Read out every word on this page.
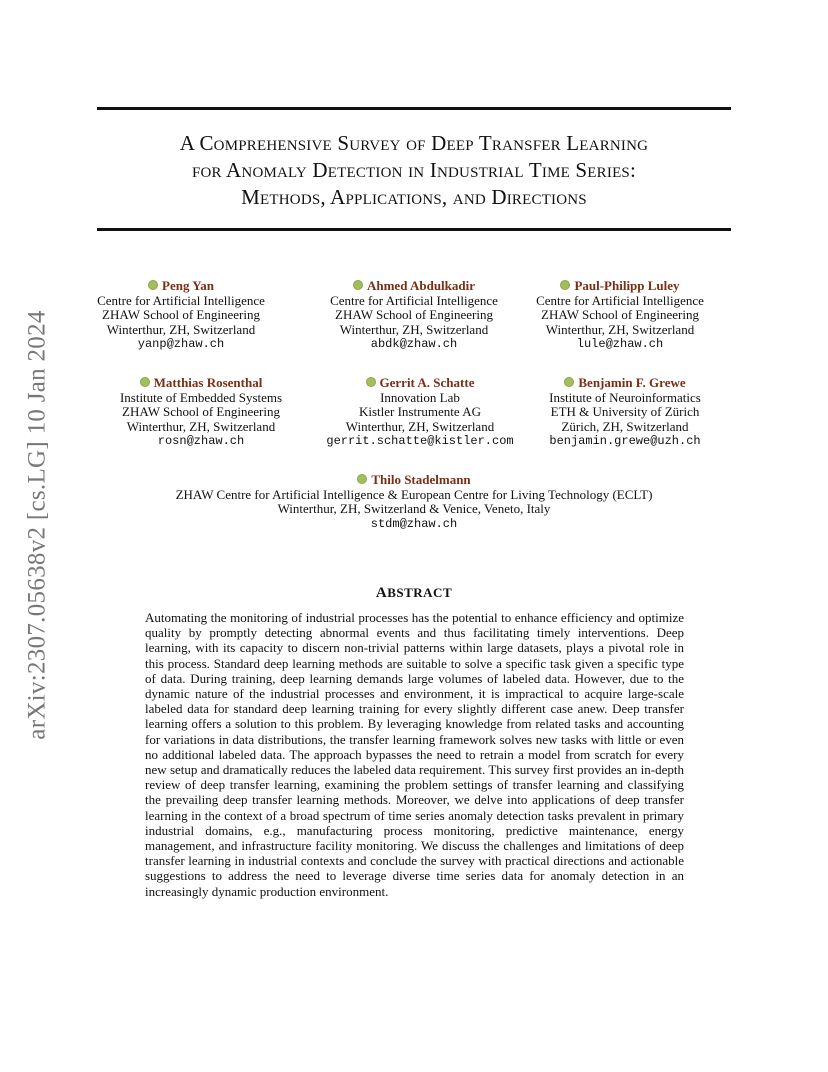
arXiv:2307.05638v2 [cs.LG] 10 Jan 2024
A Comprehensive Survey of Deep Transfer Learning
for Anomaly Detection in Industrial Time Series:
Methods, Applications, and Directions
Peng Yan
Centre for Artificial Intelligence
ZHAW School of Engineering
Winterthur, ZH, Switzerland
yanp@zhaw.ch
Ahmed Abdulkadir
Centre for Artificial Intelligence
ZHAW School of Engineering
Winterthur, ZH, Switzerland
abdk@zhaw.ch
Paul-Philipp Luley
Centre for Artificial Intelligence
ZHAW School of Engineering
Winterthur, ZH, Switzerland
lule@zhaw.ch
Matthias Rosenthal
Institute of Embedded Systems
ZHAW School of Engineering
Winterthur, ZH, Switzerland
rosn@zhaw.ch
Gerrit A. Schatte
Innovation Lab
Kistler Instrumente AG
Winterthur, ZH, Switzerland
gerrit.schatte@kistler.com
Benjamin F. Grewe
Institute of Neuroinformatics
ETH & University of Zürich
Zürich, ZH, Switzerland
benjamin.grewe@uzh.ch
Thilo Stadelmann
ZHAW Centre for Artificial Intelligence & European Centre for Living Technology (ECLT)
Winterthur, ZH, Switzerland & Venice, Veneto, Italy
stdm@zhaw.ch
ABSTRACT
Automating the monitoring of industrial processes has the potential to enhance efficiency and optimize quality by promptly detecting abnormal events and thus facilitating timely interventions. Deep learning, with its capacity to discern non-trivial patterns within large datasets, plays a pivotal role in this process. Standard deep learning methods are suitable to solve a specific task given a specific type of data. During training, deep learning demands large volumes of labeled data. However, due to the dynamic nature of the industrial processes and environment, it is impractical to acquire large-scale labeled data for standard deep learning training for every slightly different case anew. Deep transfer learning offers a solution to this problem. By leveraging knowledge from related tasks and accounting for variations in data distributions, the transfer learning framework solves new tasks with little or even no additional labeled data. The approach bypasses the need to retrain a model from scratch for every new setup and dramatically reduces the labeled data requirement. This survey first provides an in-depth review of deep transfer learning, examining the problem settings of transfer learning and classifying the prevailing deep transfer learning methods. Moreover, we delve into applications of deep transfer learning in the context of a broad spectrum of time series anomaly detection tasks prevalent in primary industrial domains, e.g., manufacturing process monitoring, predictive maintenance, energy management, and infrastructure facility monitoring. We discuss the challenges and limitations of deep transfer learning in industrial contexts and conclude the survey with practical directions and actionable suggestions to address the need to leverage diverse time series data for anomaly detection in an increasingly dynamic production environment.
